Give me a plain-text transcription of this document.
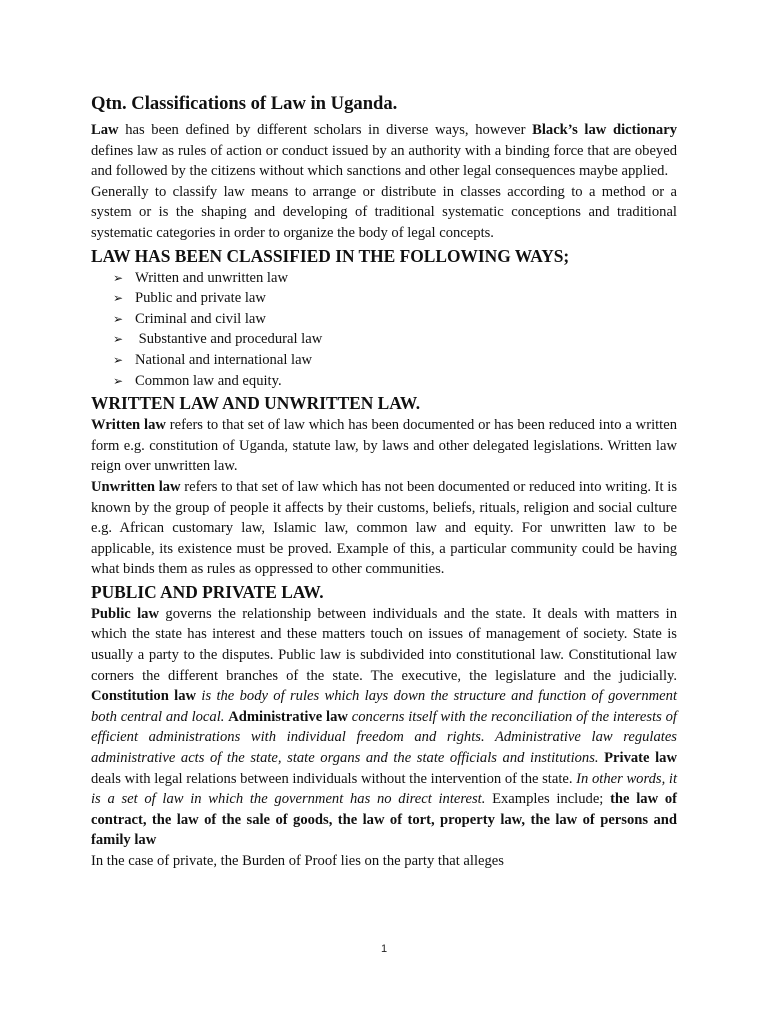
Qtn. Classifications of Law in Uganda.

Law has been defined by different scholars in diverse ways, however Black’s law dictionary defines law as rules of action or conduct issued by an authority with a binding force that are obeyed and followed by the citizens without which sanctions and other legal consequences maybe applied.

Generally to classify law means to arrange or distribute in classes according to a method or a system or is the shaping and developing of traditional systematic conceptions and traditional systematic categories in order to organize the body of legal concepts.

LAW HAS BEEN CLASSIFIED IN THE FOLLOWING WAYS;
➢ Written and unwritten law
➢ Public and private law
➢ Criminal and civil law
➢ Substantive and procedural law
➢ National and international law
➢ Common law and equity.
WRITTEN LAW AND UNWRITTEN LAW.

Written law refers to that set of law which has been documented or has been reduced into a written form e.g. constitution of Uganda, statute law, by laws and other delegated legislations. Written law reign over unwritten law.

Unwritten law refers to that set of law which has not been documented or reduced into writing. It is known by the group of people it affects by their customs, beliefs, rituals, religion and social culture e.g. African customary law, Islamic law, common law and equity. For unwritten law to be applicable, its existence must be proved. Example of this, a particular community could be having what binds them as rules as oppressed to other communities.

PUBLIC AND PRIVATE LAW.

Public law governs the relationship between individuals and the state. It deals with matters in which the state has interest and these matters touch on issues of management of society. State is usually a party to the disputes. Public law is subdivided into constitutional law. Constitutional law corners the different branches of the state. The executive, the legislature and the judicially. Constitution law is the body of rules which lays down the structure and function of government both central and local. Administrative law concerns itself with the reconciliation of the interests of efficient administrations with individual freedom and rights. Administrative law regulates administrative acts of the state, state organs and the state officials and institutions. Private law deals with legal relations between individuals without the intervention of the state. In other words, it is a set of law in which the government has no direct interest. Examples include; the law of contract, the law of the sale of goods, the law of tort, property law, the law of persons and family law

In the case of private, the Burden of Proof lies on the party that alleges

1
